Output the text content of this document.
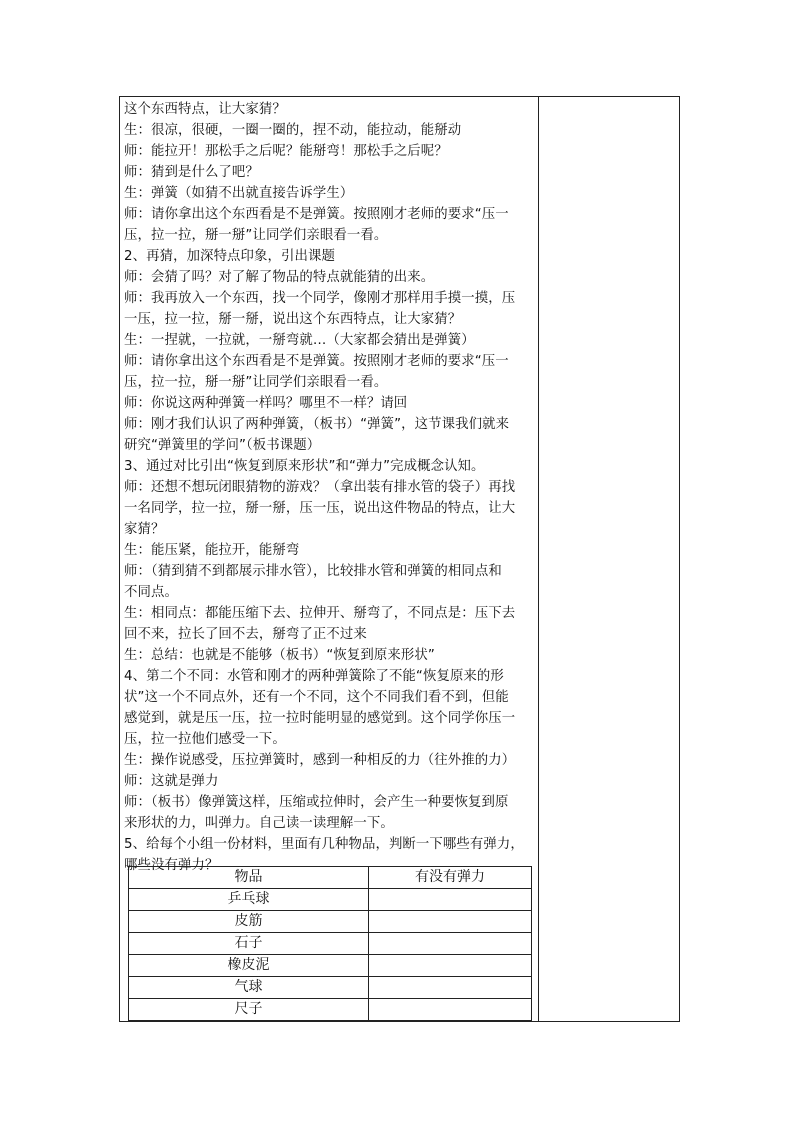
这个东西特点，让大家猜？
生：很凉，很硬，一圈一圈的，捏不动，能拉动，能掰动
师：能拉开！那松手之后呢？能掰弯！那松手之后呢？
师：猜到是什么了吧？
生：弹簧（如猜不出就直接告诉学生）
师：请你拿出这个东西看是不是弹簧。按照刚才老师的要求“压一
压，拉一拉，掰一掰”让同学们亲眼看一看。
2、再猜，加深特点印象，引出课题
师：会猜了吗？对了解了物品的特点就能猜的出来。
师：我再放入一个东西，找一个同学，像刚才那样用手摸一摸，压
一压，拉一拉，掰一掰，说出这个东西特点，让大家猜？
生：一捏就，一拉就，一掰弯就…（大家都会猜出是弹簧）
师：请你拿出这个东西看是不是弹簧。按照刚才老师的要求“压一
压，拉一拉，掰一掰”让同学们亲眼看一看。
师：你说这两种弹簧一样吗？哪里不一样？请回
师：刚才我们认识了两种弹簧，（板书）“弹簧”，这节课我们就来
研究“弹簧里的学问”（板书课题）
3、通过对比引出“恢复到原来形状”和“弹力”完成概念认知。
师：还想不想玩闭眼猜物的游戏？（拿出装有排水管的袋子）再找
一名同学，拉一拉，掰一掰，压一压，说出这件物品的特点，让大
家猜？
生：能压紧，能拉开，能掰弯
师：（猜到猜不到都展示排水管），比较排水管和弹簧的相同点和
不同点。
生：相同点：都能压缩下去、拉伸开、掰弯了，不同点是：压下去
回不来，拉长了回不去，掰弯了正不过来
生：总结：也就是不能够（板书）“恢复到原来形状”
4、第二个不同：水管和刚才的两种弹簧除了不能“恢复原来的形
状”这一个不同点外，还有一个不同，这个不同我们看不到，但能
感觉到，就是压一压，拉一拉时能明显的感觉到。这个同学你压一
压，拉一拉他们感受一下。
生：操作说感受，压拉弹簧时，感到一种相反的力（往外推的力）
师：这就是弹力
师：（板书）像弹簧这样，压缩或拉伸时，会产生一种要恢复到原
来形状的力，叫弹力。自己读一读理解一下。
5、给每个小组一份材料，里面有几种物品，判断一下哪些有弹力，
哪些没有弹力？
物品	有没有弹力
乒乓球	
皮筋	
石子	
橡皮泥	
气球	
尺子	
